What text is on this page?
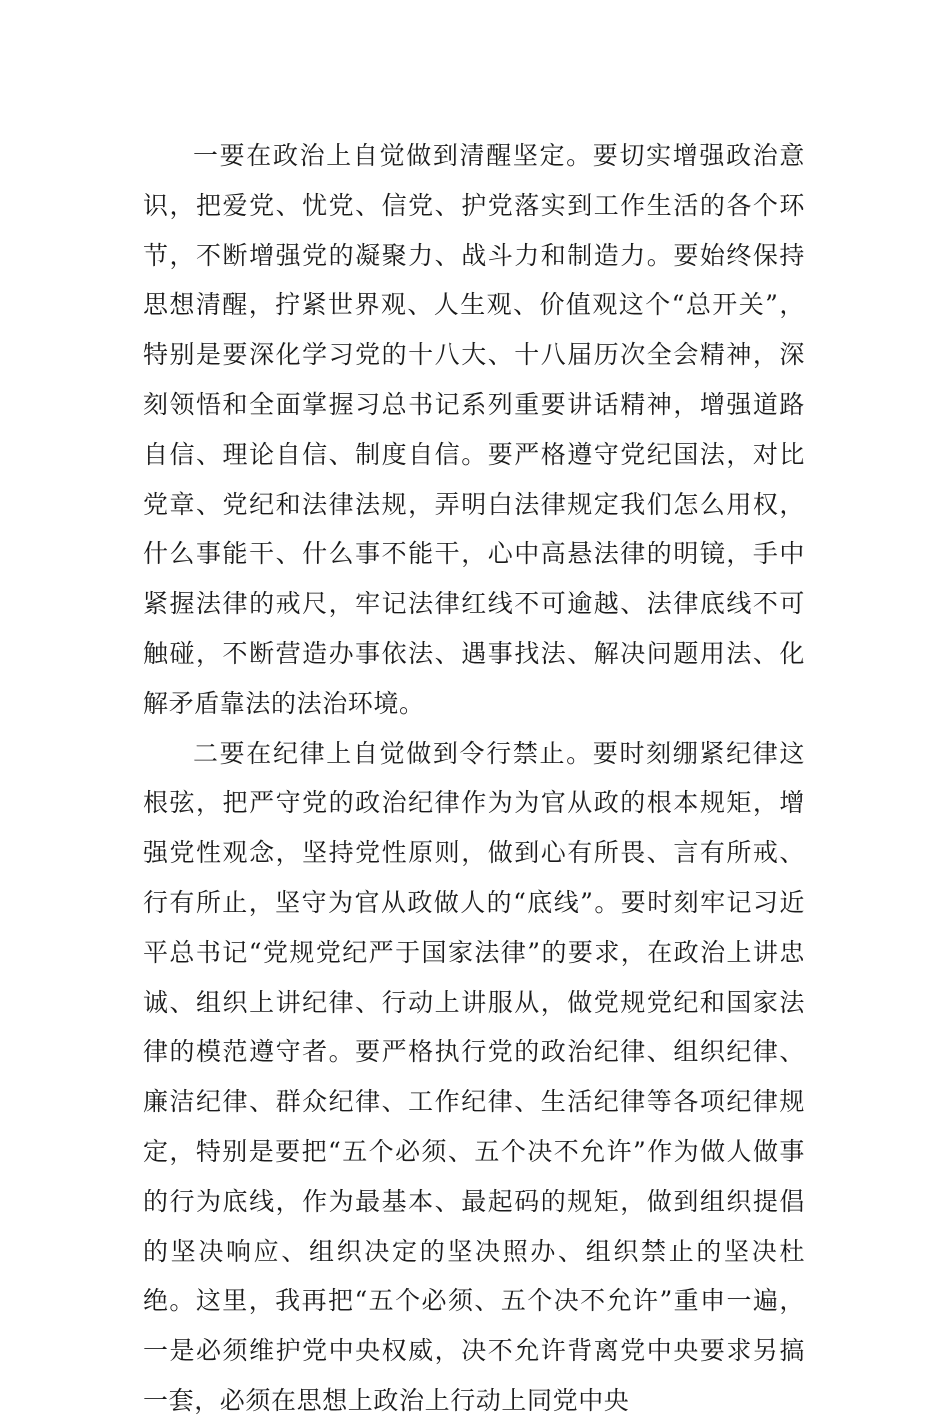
一要在政治上自觉做到清醒坚定。要切实增强政治意识，把爱党、忧党、信党、护党落实到工作生活的各个环节，不断增强党的凝聚力、战斗力和制造力。要始终保持思想清醒，拧紧世界观、人生观、价值观这个“总开关”，特别是要深化学习党的十八大、十八届历次全会精神，深刻领悟和全面掌握习总书记系列重要讲话精神，增强道路自信、理论自信、制度自信。要严格遵守党纪国法，对比党章、党纪和法律法规，弄明白法律规定我们怎么用权，什么事能干、什么事不能干，心中高悬法律的明镜，手中紧握法律的戒尺，牢记法律红线不可逾越、法律底线不可触碰，不断营造办事依法、遇事找法、解决问题用法、化解矛盾靠法的法治环境。

二要在纪律上自觉做到令行禁止。要时刻绷紧纪律这根弦，把严守党的政治纪律作为为官从政的根本规矩，增强党性观念，坚持党性原则，做到心有所畏、言有所戒、行有所止，坚守为官从政做人的“底线”。要时刻牢记习近平总书记“党规党纪严于国家法律”的要求，在政治上讲忠诚、组织上讲纪律、行动上讲服从，做党规党纪和国家法律的模范遵守者。要严格执行党的政治纪律、组织纪律、廉洁纪律、群众纪律、工作纪律、生活纪律等各项纪律规定，特别是要把“五个必须、五个决不允许”作为做人做事的行为底线，作为最基本、最起码的规矩，做到组织提倡的坚决响应、组织决定的坚决照办、组织禁止的坚决杜绝。这里，我再把“五个必须、五个决不允许”重申一遍，一是必须维护党中央权威，决不允许背离党中央要求另搞一套，必须在思想上政治上行动上同党中央
